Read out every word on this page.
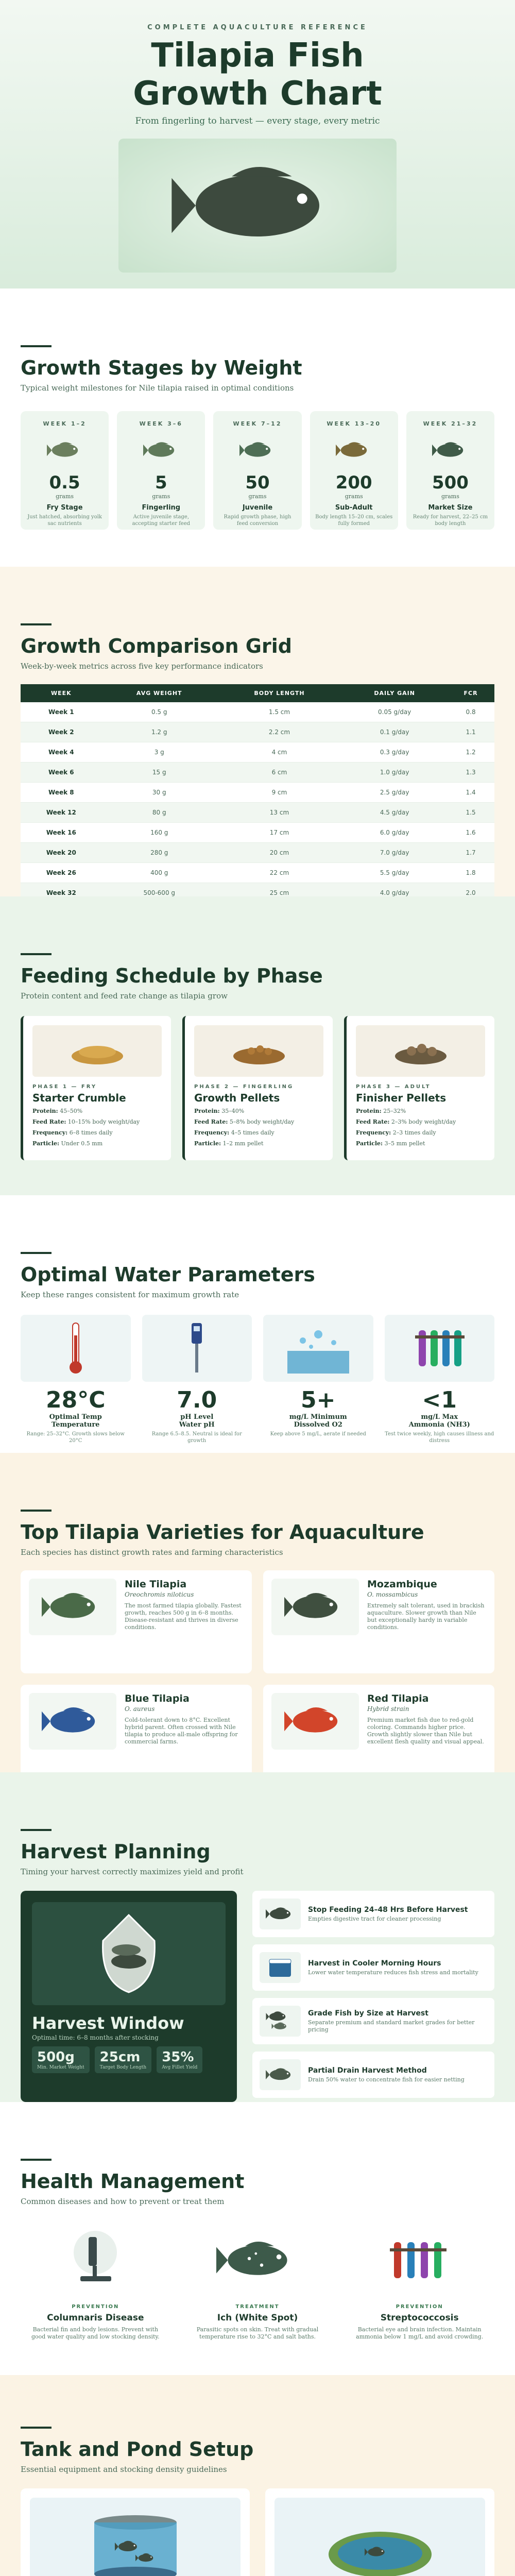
COMPLETE AQUACULTURE REFERENCE
Tilapia Fish
Growth Chart
From fingerling to harvest — every stage, every metric
Growth Stages by Weight
Typical weight milestones for Nile tilapia raised in optimal conditions
WEEK 1–2
0.5
grams
Fry Stage
Just hatched, absorbing yolk sac nutrients
WEEK 3–6
5
grams
Fingerling
Active juvenile stage, accepting starter feed
WEEK 7–12
50
grams
Juvenile
Rapid growth phase, high feed conversion
WEEK 13–20
200
grams
Sub-Adult
Body length 15–20 cm, scales fully formed
WEEK 21–32
500
grams
Market Size
Ready for harvest, 22–25 cm body length
Growth Comparison Grid
Week-by-week metrics across five key performance indicators
WEEK	AVG WEIGHT	BODY LENGTH	DAILY GAIN	FCR
Week 1	0.5 g	1.5 cm	0.05 g/day	0.8
Week 2	1.2 g	2.2 cm	0.1 g/day	1.1
Week 4	3 g	4 cm	0.3 g/day	1.2
Week 6	15 g	6 cm	1.0 g/day	1.3
Week 8	30 g	9 cm	2.5 g/day	1.4
Week 12	80 g	13 cm	4.5 g/day	1.5
Week 16	160 g	17 cm	6.0 g/day	1.6
Week 20	280 g	20 cm	7.0 g/day	1.7
Week 26	400 g	22 cm	5.5 g/day	1.8
Week 32	500-600 g	25 cm	4.0 g/day	2.0
Feeding Schedule by Phase
Protein content and feed rate change as tilapia grow
PHASE 1 — FRY
Starter Crumble
Protein: 45–50%
Feed Rate: 10–15% body weight/day
Frequency: 6–8 times daily
Particle: Under 0.5 mm
PHASE 2 — FINGERLING
Growth Pellets
Protein: 35–40%
Feed Rate: 5–8% body weight/day
Frequency: 4–5 times daily
Particle: 1–2 mm pellet
PHASE 3 — ADULT
Finisher Pellets
Protein: 25–32%
Feed Rate: 2–3% body weight/day
Frequency: 2–3 times daily
Particle: 3–5 mm pellet
Optimal Water Parameters
Keep these ranges consistent for maximum growth rate
28°C
Optimal Temp
Temperature
Range: 25–32°C. Growth slows below 20°C
7.0
pH Level
Water pH
Range 6.5–8.5. Neutral is ideal for growth
5+
mg/L Minimum
Dissolved O2
Keep above 5 mg/L, aerate if needed
<1
mg/L Max
Ammonia (NH3)
Test twice weekly, high causes illness and distress
Top Tilapia Varieties for Aquaculture
Each species has distinct growth rates and farming characteristics
Nile Tilapia
Oreochromis niloticus
The most farmed tilapia globally. Fastest growth, reaches 500 g in 6–8 months. Disease-resistant and thrives in diverse conditions.
Mozambique
O. mossambicus
Extremely salt tolerant, used in brackish aquaculture. Slower growth than Nile but exceptionally hardy in variable conditions.
Blue Tilapia
O. aureus
Cold-tolerant down to 8°C. Excellent hybrid parent. Often crossed with Nile tilapia to produce all-male offspring for commercial farms.
Red Tilapia
Hybrid strain
Premium market fish due to red-gold coloring. Commands higher price. Growth slightly slower than Nile but excellent flesh quality and visual appeal.
Harvest Planning
Timing your harvest correctly maximizes yield and profit
Harvest Window
Optimal time: 6–8 months after stocking
500g
Min. Market Weight
25cm
Target Body Length
35%
Avg Fillet Yield
Stop Feeding 24–48 Hrs Before Harvest
Empties digestive tract for cleaner processing
Harvest in Cooler Morning Hours
Lower water temperature reduces fish stress and mortality
Grade Fish by Size at Harvest
Separate premium and standard market grades for better pricing
Partial Drain Harvest Method
Drain 50% water to concentrate fish for easier netting
Health Management
Common diseases and how to prevent or treat them
PREVENTION
Columnaris Disease
Bacterial fin and body lesions. Prevent with good water quality and low stocking density.
TREATMENT
Ich (White Spot)
Parasitic spots on skin. Treat with gradual temperature rise to 32°C and salt baths.
PREVENTION
Streptococcosis
Bacterial eye and brain infection. Maintain ammonia below 1 mg/L and avoid crowding.
Tank and Pond Setup
Essential equipment and stocking density guidelines
